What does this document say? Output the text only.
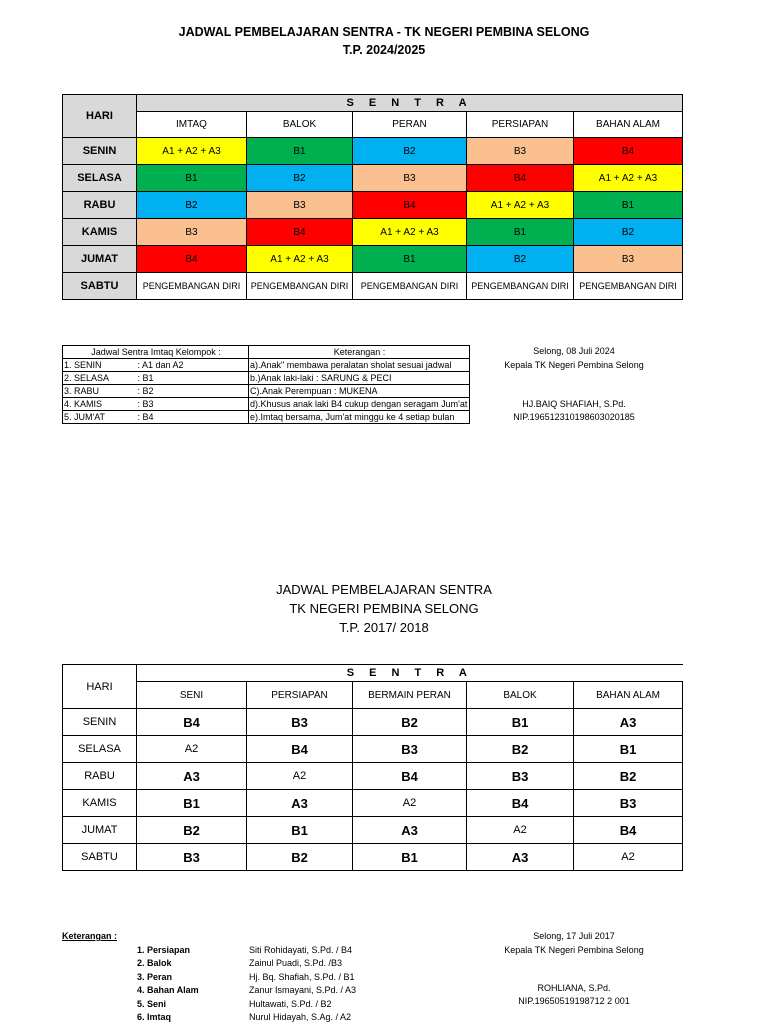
JADWAL PEMBELAJARAN SENTRA - TK NEGERI PEMBINA SELONG
T.P. 2024/2025
HARI	S E N T R A				
	IMTAQ	BALOK	PERAN	PERSIAPAN	BAHAN ALAM
SENIN	A1 + A2 + A3	B1	B2	B3	B4
SELASA	B1	B2	B3	B4	A1 + A2 + A3
RABU	B2	B3	B4	A1 + A2 + A3	B1
KAMIS	B3	B4	A1 + A2 + A3	B1	B2
JUMAT	B4	A1 + A2 + A3	B1	B2	B3
SABTU	PENGEMBANGAN DIRI	PENGEMBANGAN DIRI	PENGEMBANGAN DIRI	PENGEMBANGAN DIRI	PENGEMBANGAN DIRI
Jadwal Sentra Imtaq Kelompok :		Keterangan :
1. SENIN	: A1 dan A2	a).Anak" membawa peralatan sholat sesuai jadwal
2. SELASA	: B1	b.)Anak laki-laki : SARUNG & PECI
3. RABU	: B2	C).Anak Perempuan : MUKENA
4. KAMIS	: B3	d).Khusus anak laki B4 cukup dengan seragam Jum'at
5. JUM'AT	: B4	e).Imtaq bersama, Jum'at minggu ke 4 setiap bulan
Selong, 08 Juli 2024
Kepala TK Negeri Pembina Selong
HJ.BAIQ SHAFIAH, S.Pd.
NIP.196512310198603020185
JADWAL PEMBELAJARAN SENTRA
TK NEGERI PEMBINA SELONG
T.P. 2017/ 2018
HARI	S E N T R A				
	SENI	PERSIAPAN	BERMAIN PERAN	BALOK	BAHAN ALAM
SENIN	B4	B3	B2	B1	A3
SELASA	A2	B4	B3	B2	B1
RABU	A3	A2	B4	B3	B2
KAMIS	B1	A3	A2	B4	B3
JUMAT	B2	B1	A3	A2	B4
SABTU	B3	B2	B1	A3	A2
Keterangan :
1. Persiapan	Siti Rohidayati, S.Pd. / B4
2. Balok	Zainul Puadi, S.Pd. /B3
3. Peran	Hj. Bq. Shafiah, S.Pd. / B1
4. Bahan Alam	Zanur Ismayani, S.Pd. / A3
5. Seni	Hultawati, S.Pd. / B2
6. Imtaq	Nurul Hidayah, S.Ag. / A2
Selong, 17 Juli 2017
Kepala TK Negeri Pembina Selong
ROHLIANA, S.Pd.
NIP.19650519198712 2 001
